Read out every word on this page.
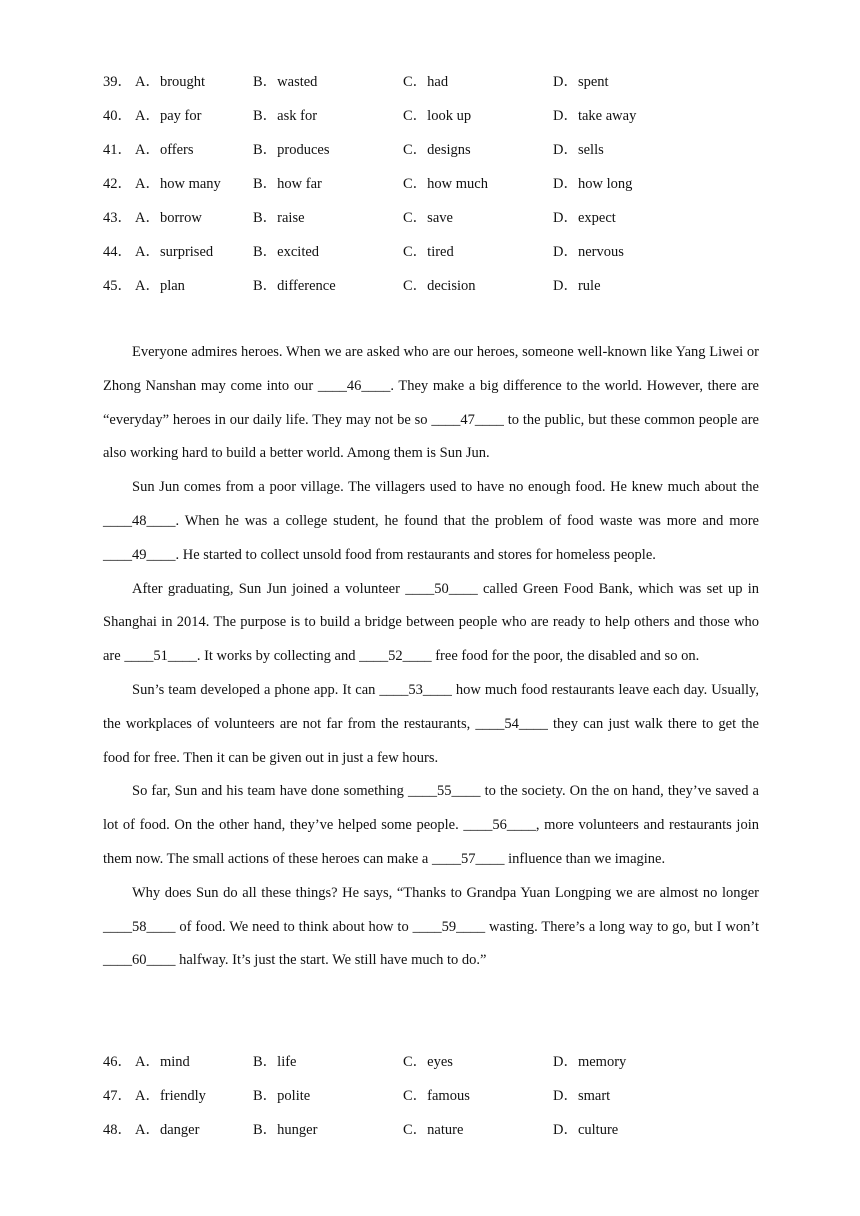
39． A．brought	B．wasted	C．had	D．spent
40． A．pay for	B．ask for	C．look up	D．take away
41． A．offers	B．produces	C．designs	D．sells
42． A．how many B．how far	C．how much	D．how long
43． A．borrow	B．raise	C．save	D．expect
44． A．surprised	B．excited	C．tired	D．nervous
45． A．plan	B．difference	C．decision	D．rule

Everyone admires heroes. When we are asked who are our heroes, someone well-known like Yang Liwei or Zhong Nanshan may come into our ____46____. They make a big difference to the world. However, there are “everyday” heroes in our daily life. They may not be so ____47____ to the public, but these common people are also working hard to build a better world. Among them is Sun Jun.

Sun Jun comes from a poor village. The villagers used to have no enough food. He knew much about the ____48____. When he was a college student, he found that the problem of food waste was more and more ____49____. He started to collect unsold food from restaurants and stores for homeless people.

After graduating, Sun Jun joined a volunteer ____50____ called Green Food Bank, which was set up in Shanghai in 2014. The purpose is to build a bridge between people who are ready to help others and those who are ____51____. It works by collecting and ____52____ free food for the poor, the disabled and so on.

Sun’s team developed a phone app. It can ____53____ how much food restaurants leave each day. Usually, the workplaces of volunteers are not far from the restaurants, ____54____ they can just walk there to get the food for free. Then it can be given out in just a few hours.

So far, Sun and his team have done something ____55____ to the society. On the on hand, they’ve saved a lot of food. On the other hand, they’ve helped some people. ____56____, more volunteers and restaurants join them now. The small actions of these heroes can make a ____57____ influence than we imagine.

Why does Sun do all these things? He says, “Thanks to Grandpa Yuan Longping we are almost no longer ____58____ of food. We need to think about how to ____59____ wasting. There’s a long way to go, but I won’t ____60____ halfway. It’s just the start. We still have much to do.”

46． A．mind	B．life	C．eyes	D．memory
47． A．friendly	B．polite	C．famous	D．smart
48． A．danger	B．hunger	C．nature	D．culture
